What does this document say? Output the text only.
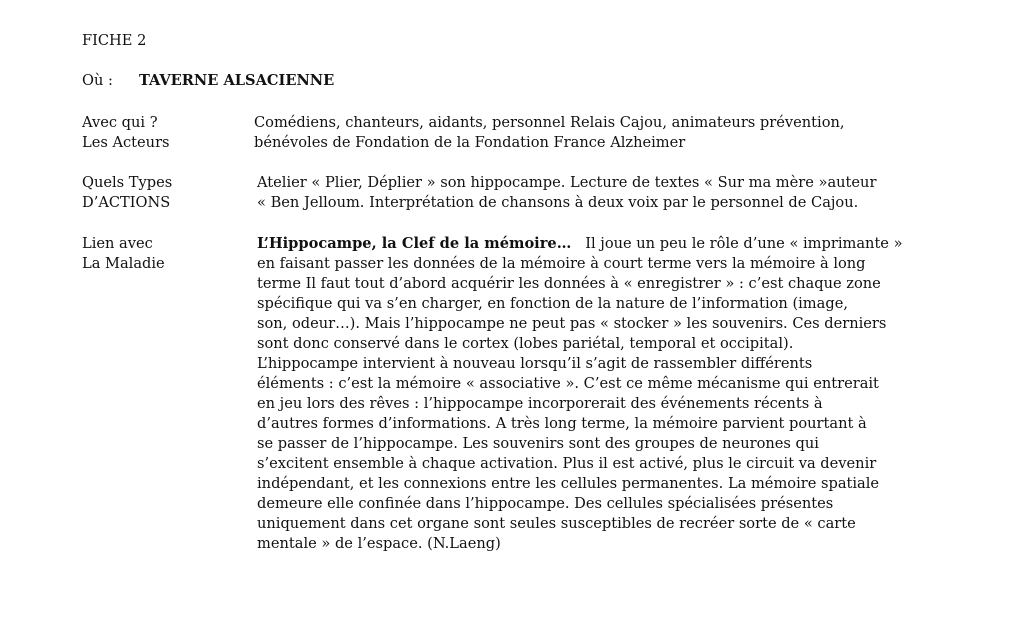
FICHE 2
Où : TAVERNE ALSACIENNE
Avec qui ?
Les Acteurs
Comédiens, chanteurs, aidants, personnel Relais Cajou, animateurs prévention,
bénévoles de Fondation de la Fondation France Alzheimer
Quels Types
D’ACTIONS
Atelier « Plier, Déplier » son hippocampe. Lecture de textes « Sur ma mère »auteur
« Ben Jelloum. Interprétation de chansons à deux voix par le personnel de Cajou.
Lien avec
La Maladie
L’Hippocampe, la Clef de la mémoire…   Il joue un peu le rôle d’une « imprimante »
en faisant passer les données de la mémoire à court terme vers la mémoire à long
terme Il faut tout d’abord acquérir les données à « enregistrer » : c’est chaque zone
spécifique qui va s’en charger, en fonction de la nature de l’information (image,
son, odeur…). Mais l’hippocampe ne peut pas « stocker » les souvenirs. Ces derniers
sont donc conservé dans le cortex (lobes pariétal, temporal et occipital).
L’hippocampe intervient à nouveau lorsqu’il s’agit de rassembler différents
éléments : c’est la mémoire « associative ». C’est ce même mécanisme qui entrerait
en jeu lors des rêves : l’hippocampe incorporerait des événements récents à
d’autres formes d’informations. A très long terme, la mémoire parvient pourtant à
se passer de l’hippocampe. Les souvenirs sont des groupes de neurones qui
s’excitent ensemble à chaque activation. Plus il est activé, plus le circuit va devenir
indépendant, et les connexions entre les cellules permanentes. La mémoire spatiale
demeure elle confinée dans l’hippocampe. Des cellules spécialisées présentes
uniquement dans cet organe sont seules susceptibles de recréer sorte de « carte
mentale » de l’espace. (N.Laeng)
